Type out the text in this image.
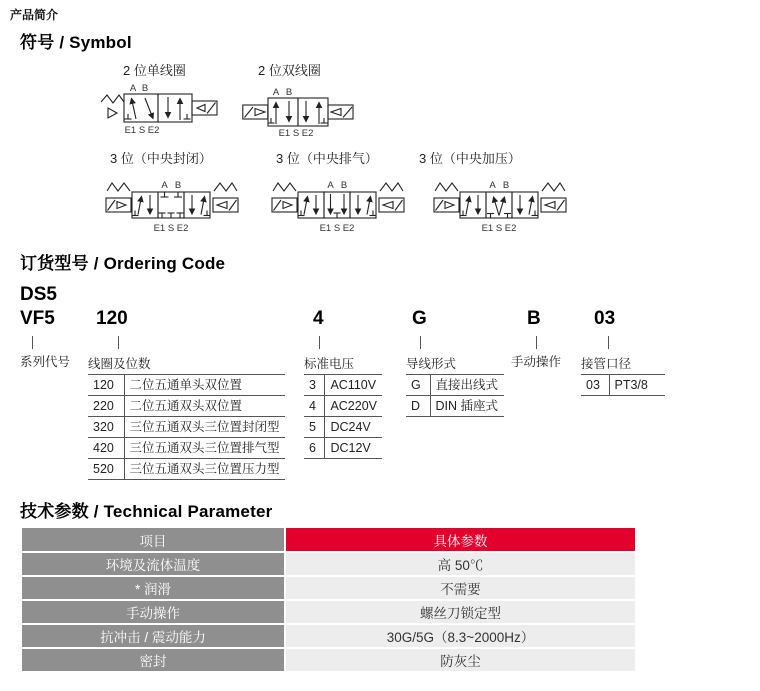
产品简介
符号 / Symbol
2 位单线圈	2 位双线圈
A B
E1 S E2
A B
E1 S E2
3 位（中央封闭）	3 位（中央排气）	3 位（中央加压）
A B
E1 S E2
A B
E1 S E2
A B
E1 S E2
订货型号 / Ordering Code
DS5
VF5 120	4	G	B	03
系列代号 线圈及位数	标准电压	导线形式	手动操作 接管口径
120	二位五通单头双位置
220	二位五通双头双位置
320	三位五通双头三位置封闭型
420	三位五通双头三位置排气型
520	三位五通双头三位置压力型
3	AC110V
4	AC220V
5	DC24V
6	DC12V
G	直接出线式
D	DIN 插座式
03	PT3/8
技术参数 / Technical Parameter
项目	具体参数
环境及流体温度	高 50℃
* 润滑	不需要
手动操作	螺丝刀锁定型
抗冲击 / 震动能力	30G/5G（8.3~2000Hz）
密封	防灰尘
